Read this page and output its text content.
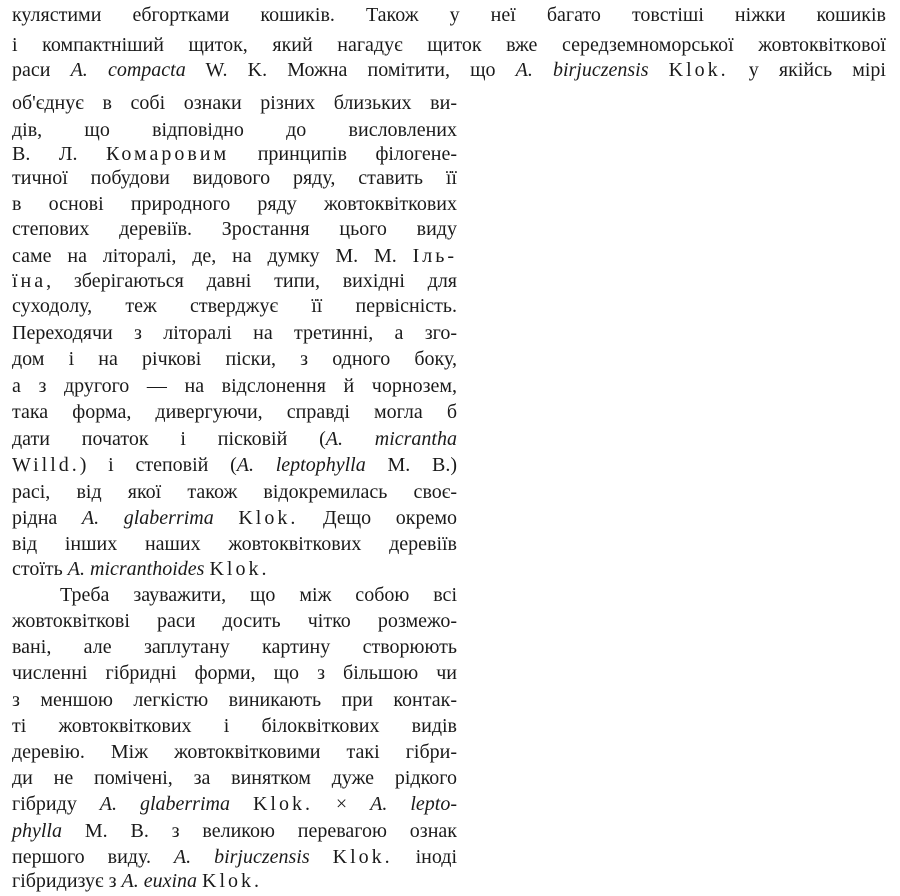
кулястими ебгортками кошиків. Також у неї багато товстіші ніжки кошиків
і компактніший щиток, який нагадує щиток вже середземноморської жовтоквіткової
раси A. compacta W. K. Можна помітити, що A. birjuczensis Klok. у якійсь мірі
об'єднує в собі ознаки різних близьких ви-
дів, що відповідно до висловлених
В. Л. Комаровим принципів філогене-
тичної побудови видового ряду, ставить її
в основі природного ряду жовтоквіткових
степових деревіїв. Зростання цього виду
саме на літоралі, де, на думку М. М. Іль-
їна, зберігаються давні типи, вихідні для
суходолу, теж стверджує її первісність.
Переходячи з літоралі на третинні, а зго-
дом і на річкові піски, з одного боку,
а з другого — на відслонення й чорнозем,
така форма, дивергуючи, справді могла б
дати початок і пісковій (A. micrantha
Willd.) і степовій (A. leptophylla M. B.)
расі, від якої також відокремилась своє-
рідна A. glaberrima Klok. Дещо окремо
від інших наших жовтоквіткових деревіїв
стоїть A. micranthoides Klok.
Треба зауважити, що між собою всі
жовтоквіткові раси досить чітко розмежо-
вані, але заплутану картину створюють
численні гібридні форми, що з більшою чи
з меншою легкістю виникають при контак-
ті жовтоквіткових і білоквіткових видів
деревію. Між жовтоквітковими такі гібри-
ди не помічені, за винятком дуже рідкого
гібриду A. glaberrima Klok. × A. lepto-
phylla M. B. з великою перевагою ознак
першого виду. A. birjuczensis Klok. іноді
гібридизує з A. euxina Klok.
